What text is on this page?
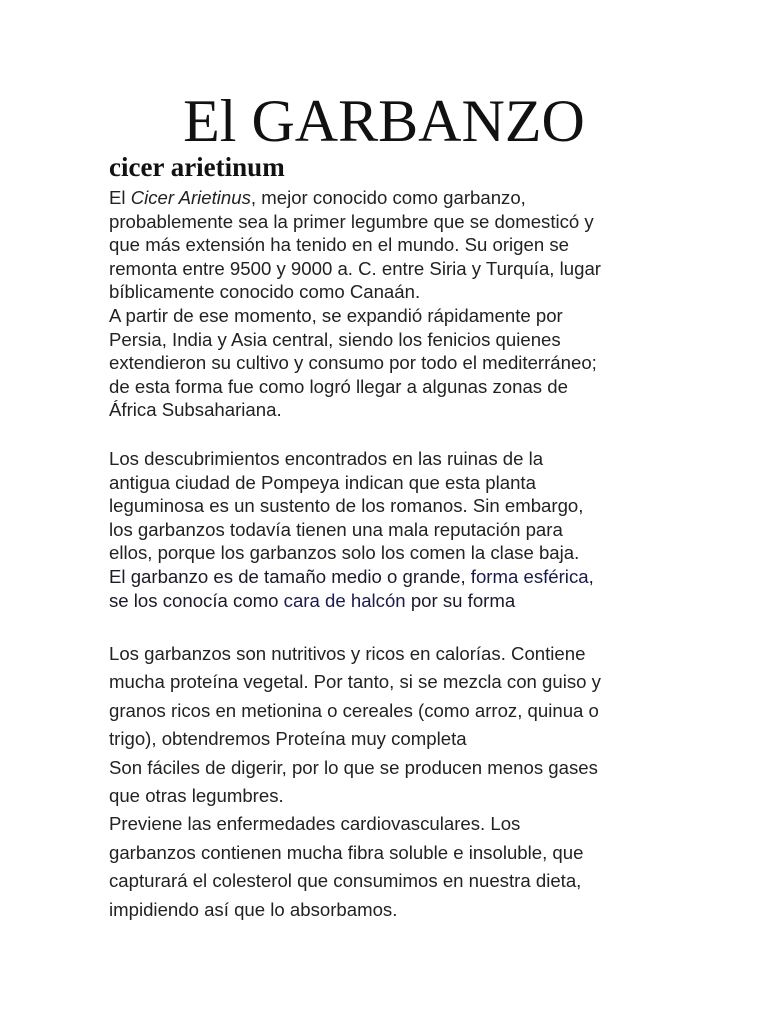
El GARBANZO
cicer arietinum

El Cicer Arietinus, mejor conocido como garbanzo,

probablemente sea la primer legumbre que se domesticó y

que más extensión ha tenido en el mundo. Su origen se

remonta entre 9500 y 9000 a. C. entre Siria y Turquía, lugar

bíblicamente conocido como Canaán.

A partir de ese momento, se expandió rápidamente por

Persia, India y Asia central, siendo los fenicios quienes

extendieron su cultivo y consumo por todo el mediterráneo;

de esta forma fue como logró llegar a algunas zonas de

África Subsahariana.

Los descubrimientos encontrados en las ruinas de la

antigua ciudad de Pompeya indican que esta planta

leguminosa es un sustento de los romanos. Sin embargo,

los garbanzos todavía tienen una mala reputación para

ellos, porque los garbanzos solo los comen la clase baja.

El garbanzo es de tamaño medio o grande, forma esférica,

se los conocía como cara de halcón por su forma

Los garbanzos son nutritivos y ricos en calorías. Contiene

mucha proteína vegetal. Por tanto, si se mezcla con guiso y

granos ricos en metionina o cereales (como arroz, quinua o

trigo), obtendremos Proteína muy completa

Son fáciles de digerir, por lo que se producen menos gases

que otras legumbres.

Previene las enfermedades cardiovasculares. Los

garbanzos contienen mucha fibra soluble e insoluble, que

capturará el colesterol que consumimos en nuestra dieta,

impidiendo así que lo absorbamos.
